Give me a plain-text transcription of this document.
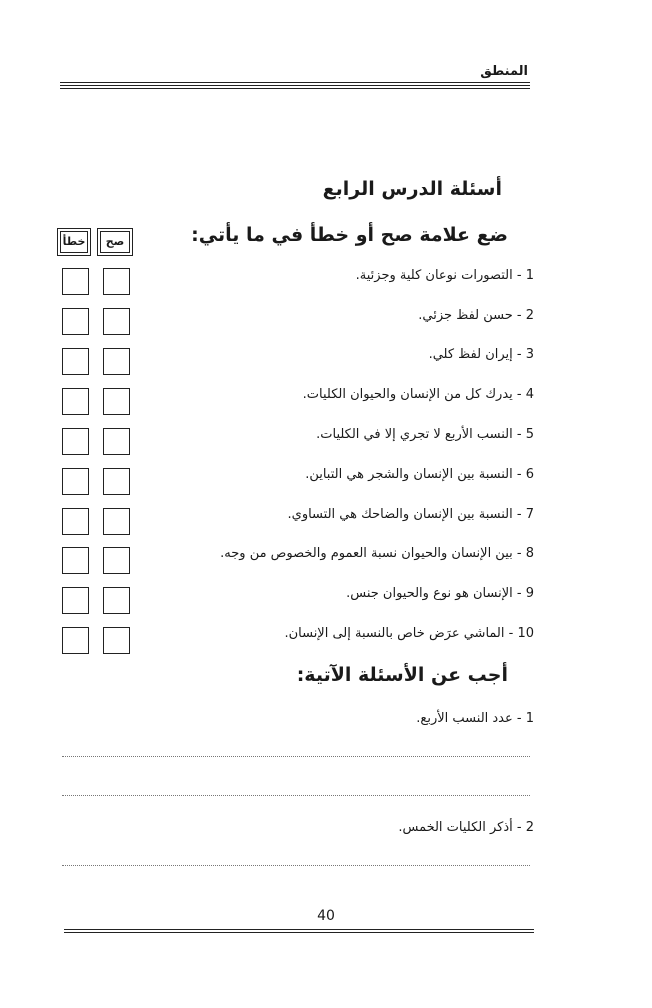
المنطق
أسئلة الدرس الرابع
ضع علامة صح أو خطأ في ما يأتي:
صح
خطأ
1 - التصورات نوعان كلية وجزئية.
2 - حسن لفظ جزئي.
3 - إيران لفظ كلي.
4 - يدرك كل من الإنسان والحيوان الكليات.
5 - النسب الأربع لا تجري إلا في الكليات.
6 - النسبة بين الإنسان والشجر هي التباين.
7 - النسبة بين الإنسان والضاحك هي التساوي.
8 - بين الإنسان والحيوان نسبة العموم والخصوص من وجه.
9 - الإنسان هو نوع والحيوان جنس.
10 - الماشي عرَض خاص بالنسبة إلى الإنسان.
أجب عن الأسئلة الآتية:
1 - عدد النسب الأربع.
2 - أذكر الكليات الخمس.
40
